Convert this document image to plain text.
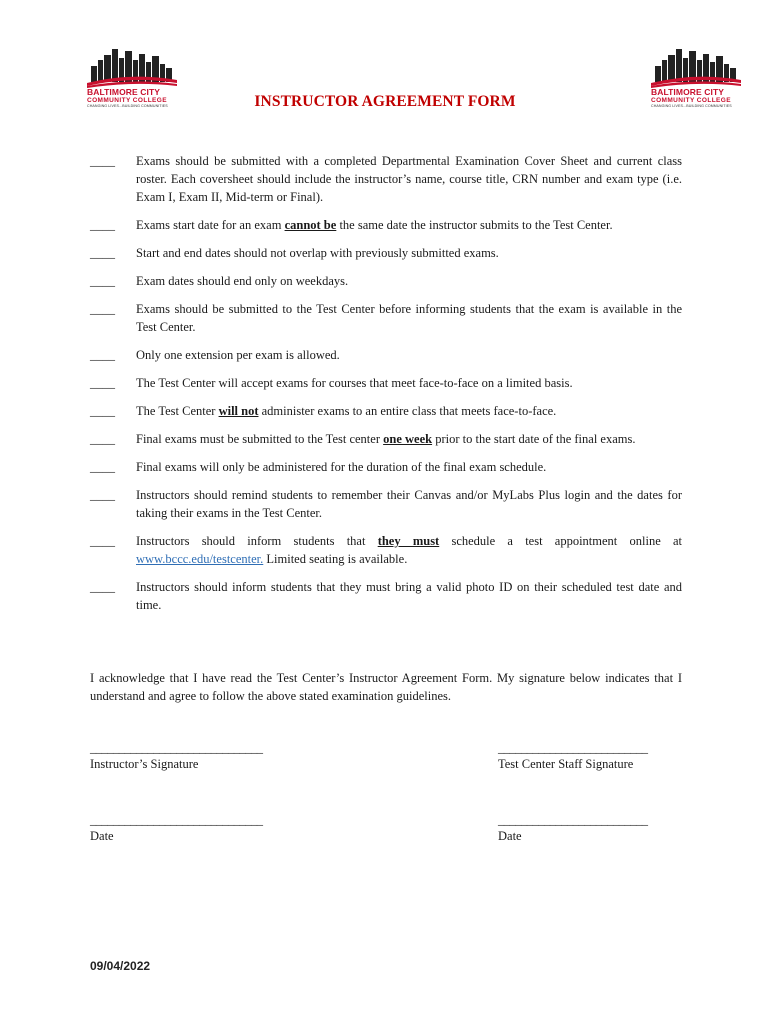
BALTIMORE CITY
COMMUNITY COLLEGE
CHANGING LIVES...BUILDING COMMUNITIES
BALTIMORE CITY
COMMUNITY COLLEGE
CHANGING LIVES...BUILDING COMMUNITIES
INSTRUCTOR AGREEMENT FORM
____	Exams should be submitted with a completed Departmental Examination Cover Sheet and current class roster. Each coversheet should include the instructor’s name, course title, CRN number and exam type (i.e. Exam I, Exam II, Mid-term or Final).
____	Exams start date for an exam cannot be the same date the instructor submits to the Test Center.
____	Start and end dates should not overlap with previously submitted exams.
____	Exam dates should end only on weekdays.
____	Exams should be submitted to the Test Center before informing students that the exam is available in the Test Center.
____	Only one extension per exam is allowed.
____	The Test Center will accept exams for courses that meet face-to-face on a limited basis.
____	The Test Center will not administer exams to an entire class that meets face-to-face.
____	Final exams must be submitted to the Test center one week prior to the start date of the final exams.
____	Final exams will only be administered for the duration of the final exam schedule.
____	Instructors should remind students to remember their Canvas and/or MyLabs Plus login and the dates for taking their exams in the Test Center.
____	Instructors should inform students that they must schedule a test appointment online at www.bccc.edu/testcenter. Limited seating is available.
____	Instructors should inform students that they must bring a valid photo ID on their scheduled test date and time.
I acknowledge that I have read the Test Center’s Instructor Agreement Form. My signature below indicates that I understand and agree to follow the above stated examination guidelines.
______________________________
Instructor’s Signature
__________________________
Test Center Staff Signature
______________________________
Date
__________________________
Date
09/04/2022
